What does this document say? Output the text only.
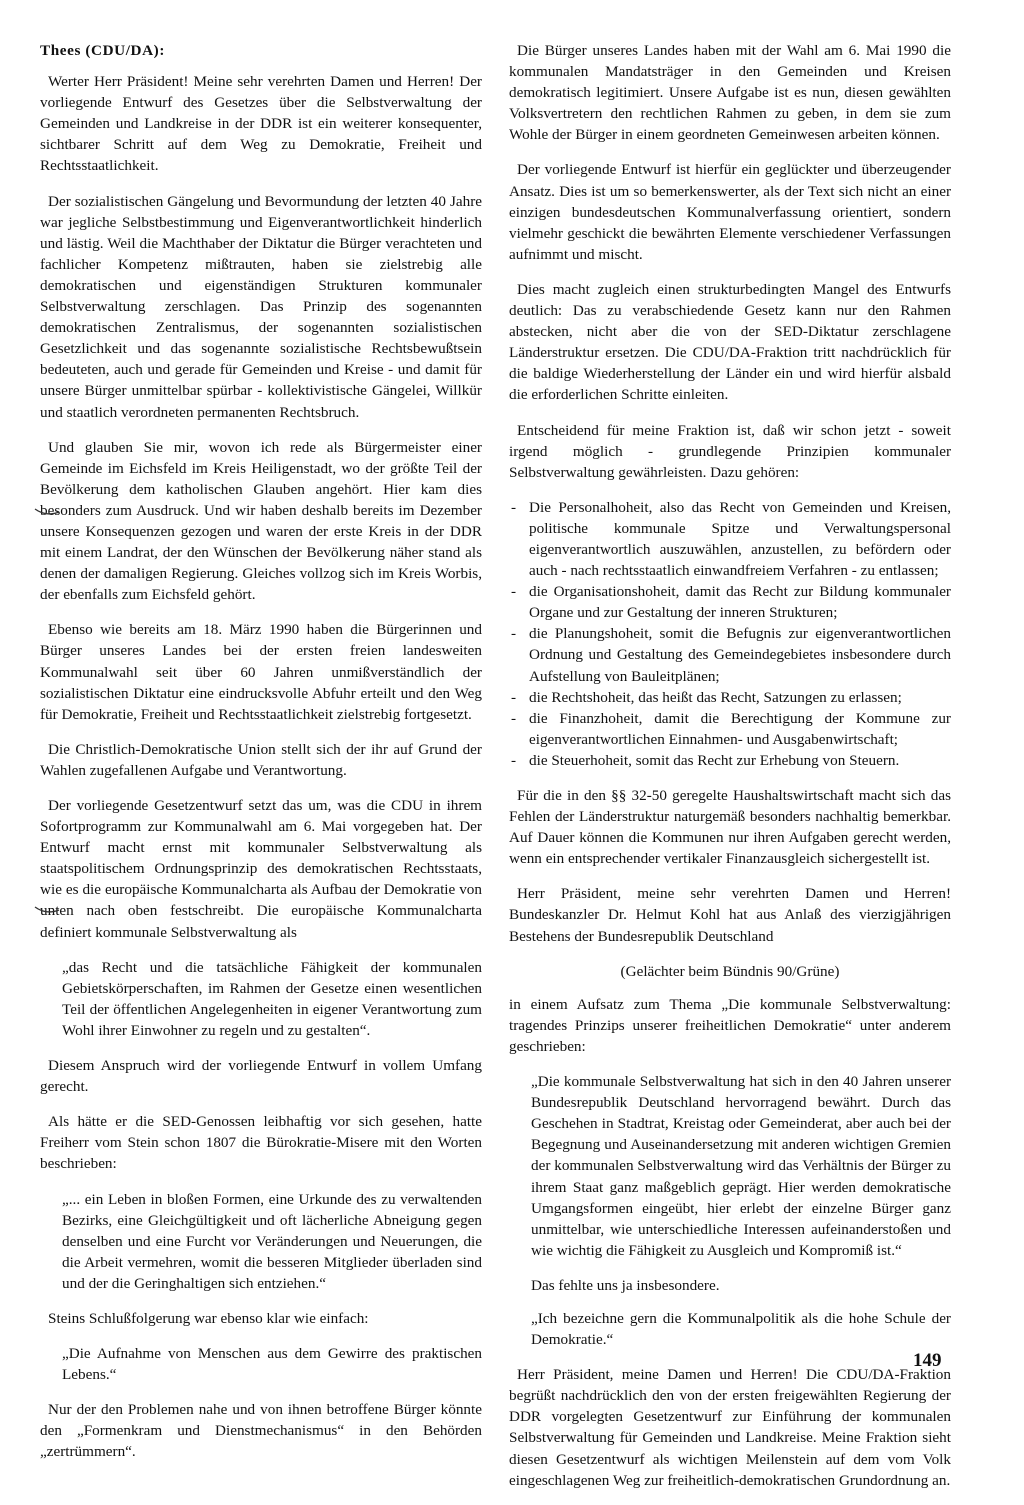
Thees (CDU/DA):

Werter Herr Präsident! Meine sehr verehrten Damen und Herren! Der vorliegende Entwurf des Gesetzes über die Selbstverwaltung der Gemeinden und Landkreise in der DDR ist ein weiterer konsequenter, sichtbarer Schritt auf dem Weg zu Demokratie, Freiheit und Rechtsstaatlichkeit.

Der sozialistischen Gängelung und Bevormundung der letzten 40 Jahre war jegliche Selbstbestimmung und Eigenverantwortlichkeit hinderlich und lästig. Weil die Machthaber der Diktatur die Bürger verachteten und fachlicher Kompetenz mißtrauten, haben sie zielstrebig alle demokratischen und eigenständigen Strukturen kommunaler Selbstverwaltung zerschlagen. Das Prinzip des sogenannten demokratischen Zentralismus, der sogenannten sozialistischen Gesetzlichkeit und das sogenannte sozialistische Rechtsbewußtsein bedeuteten, auch und gerade für Gemeinden und Kreise - und damit für unsere Bürger unmittelbar spürbar - kollektivistische Gängelei, Willkür und staatlich verordneten permanenten Rechtsbruch.

Und glauben Sie mir, wovon ich rede als Bürgermeister einer Gemeinde im Eichsfeld im Kreis Heiligenstadt, wo der größte Teil der Bevölkerung dem katholischen Glauben angehört. Hier kam dies besonders zum Ausdruck. Und wir haben deshalb bereits im Dezember unsere Konsequenzen gezogen und waren der erste Kreis in der DDR mit einem Landrat, der den Wünschen der Bevölkerung näher stand als denen der damaligen Regierung. Gleiches vollzog sich im Kreis Worbis, der ebenfalls zum Eichsfeld gehört.

Ebenso wie bereits am 18. März 1990 haben die Bürgerinnen und Bürger unseres Landes bei der ersten freien landesweiten Kommunalwahl seit über 60 Jahren unmißverständlich der sozialistischen Diktatur eine eindrucksvolle Abfuhr erteilt und den Weg für Demokratie, Freiheit und Rechtsstaatlichkeit zielstrebig fortgesetzt.

Die Christlich-Demokratische Union stellt sich der ihr auf Grund der Wahlen zugefallenen Aufgabe und Verantwortung.

Der vorliegende Gesetzentwurf setzt das um, was die CDU in ihrem Sofortprogramm zur Kommunalwahl am 6. Mai vorgegeben hat. Der Entwurf macht ernst mit kommunaler Selbstverwaltung als staatspolitischem Ordnungsprinzip des demokratischen Rechtsstaats, wie es die europäische Kommunalcharta als Aufbau der Demokratie von unten nach oben festschreibt. Die europäische Kommunalcharta definiert kommunale Selbstverwaltung als

„das Recht und die tatsächliche Fähigkeit der kommunalen Gebietskörperschaften, im Rahmen der Gesetze einen wesentlichen Teil der öffentlichen Angelegenheiten in eigener Verantwortung zum Wohl ihrer Einwohner zu regeln und zu gestalten“.

Diesem Anspruch wird der vorliegende Entwurf in vollem Umfang gerecht.

Als hätte er die SED-Genossen leibhaftig vor sich gesehen, hatte Freiherr vom Stein schon 1807 die Bürokratie-Misere mit den Worten beschrieben:

„... ein Leben in bloßen Formen, eine Urkunde des zu verwaltenden Bezirks, eine Gleichgültigkeit und oft lächerliche Abneigung gegen denselben und eine Furcht vor Veränderungen und Neuerungen, die die Arbeit vermehren, womit die besseren Mitglieder überladen sind und der die Geringhaltigen sich entziehen.“

Steins Schlußfolgerung war ebenso klar wie einfach:

„Die Aufnahme von Menschen aus dem Gewirre des praktischen Lebens.“

Nur der den Problemen nahe und von ihnen betroffene Bürger könnte den „Formenkram und Dienstmechanismus“ in den Behörden „zertrümmern“.

Die Bürger unseres Landes haben mit der Wahl am 6. Mai 1990 die kommunalen Mandatsträger in den Gemeinden und Kreisen demokratisch legitimiert. Unsere Aufgabe ist es nun, diesen gewählten Volksvertretern den rechtlichen Rahmen zu geben, in dem sie zum Wohle der Bürger in einem geordneten Gemeinwesen arbeiten können.

Der vorliegende Entwurf ist hierfür ein geglückter und überzeugender Ansatz. Dies ist um so bemerkenswerter, als der Text sich nicht an einer einzigen bundesdeutschen Kommunalverfassung orientiert, sondern vielmehr geschickt die bewährten Elemente verschiedener Verfassungen aufnimmt und mischt.

Dies macht zugleich einen strukturbedingten Mangel des Entwurfs deutlich: Das zu verabschiedende Gesetz kann nur den Rahmen abstecken, nicht aber die von der SED-Diktatur zerschlagene Länderstruktur ersetzen. Die CDU/DA-Fraktion tritt nachdrücklich für die baldige Wiederherstellung der Länder ein und wird hierfür alsbald die erforderlichen Schritte einleiten.

Entscheidend für meine Fraktion ist, daß wir schon jetzt - soweit irgend möglich - grundlegende Prinzipien kommunaler Selbstverwaltung gewährleisten. Dazu gehören:

- Die Personalhoheit, also das Recht von Gemeinden und Kreisen, politische kommunale Spitze und Verwaltungspersonal eigenverantwortlich auszuwählen, anzustellen, zu befördern oder auch - nach rechtsstaatlich einwandfreiem Verfahren - zu entlassen;
- die Organisationshoheit, damit das Recht zur Bildung kommunaler Organe und zur Gestaltung der inneren Strukturen;
- die Planungshoheit, somit die Befugnis zur eigenverantwortlichen Ordnung und Gestaltung des Gemeindegebietes insbesondere durch Aufstellung von Bauleitplänen;
- die Rechtshoheit, das heißt das Recht, Satzungen zu erlassen;
- die Finanzhoheit, damit die Berechtigung der Kommune zur eigenverantwortlichen Einnahmen- und Ausgabenwirtschaft;
- die Steuerhoheit, somit das Recht zur Erhebung von Steuern.

Für die in den §§ 32-50 geregelte Haushaltswirtschaft macht sich das Fehlen der Länderstruktur naturgemäß besonders nachhaltig bemerkbar. Auf Dauer können die Kommunen nur ihren Aufgaben gerecht werden, wenn ein entsprechender vertikaler Finanzausgleich sichergestellt ist.

Herr Präsident, meine sehr verehrten Damen und Herren! Bundeskanzler Dr. Helmut Kohl hat aus Anlaß des vierzigjährigen Bestehens der Bundesrepublik Deutschland

(Gelächter beim Bündnis 90/Grüne)

in einem Aufsatz zum Thema „Die kommunale Selbstverwaltung: tragendes Prinzips unserer freiheitlichen Demokratie“ unter anderem geschrieben:

„Die kommunale Selbstverwaltung hat sich in den 40 Jahren unserer Bundesrepublik Deutschland hervorragend bewährt. Durch das Geschehen in Stadtrat, Kreistag oder Gemeinderat, aber auch bei der Begegnung und Auseinandersetzung mit anderen wichtigen Gremien der kommunalen Selbstverwaltung wird das Verhältnis der Bürger zu ihrem Staat ganz maßgeblich geprägt. Hier werden demokratische Umgangsformen eingeübt, hier erlebt der einzelne Bürger ganz unmittelbar, wie unterschiedliche Interessen aufeinanderstoßen und wie wichtig die Fähigkeit zu Ausgleich und Kompromiß ist.“

Das fehlte uns ja insbesondere.

„Ich bezeichne gern die Kommunalpolitik als die hohe Schule der Demokratie.“

Herr Präsident, meine Damen und Herren! Die CDU/DA-Fraktion begrüßt nachdrücklich den von der ersten freigewählten Regierung der DDR vorgelegten Gesetzentwurf zur Einführung der kommunalen Selbstverwaltung für Gemeinden und Landkreise. Meine Fraktion sieht diesen Gesetzentwurf als wichtigen Meilenstein auf dem vom Volk eingeschlagenen Weg zur freiheitlich-demokratischen Grundordnung an.

149
